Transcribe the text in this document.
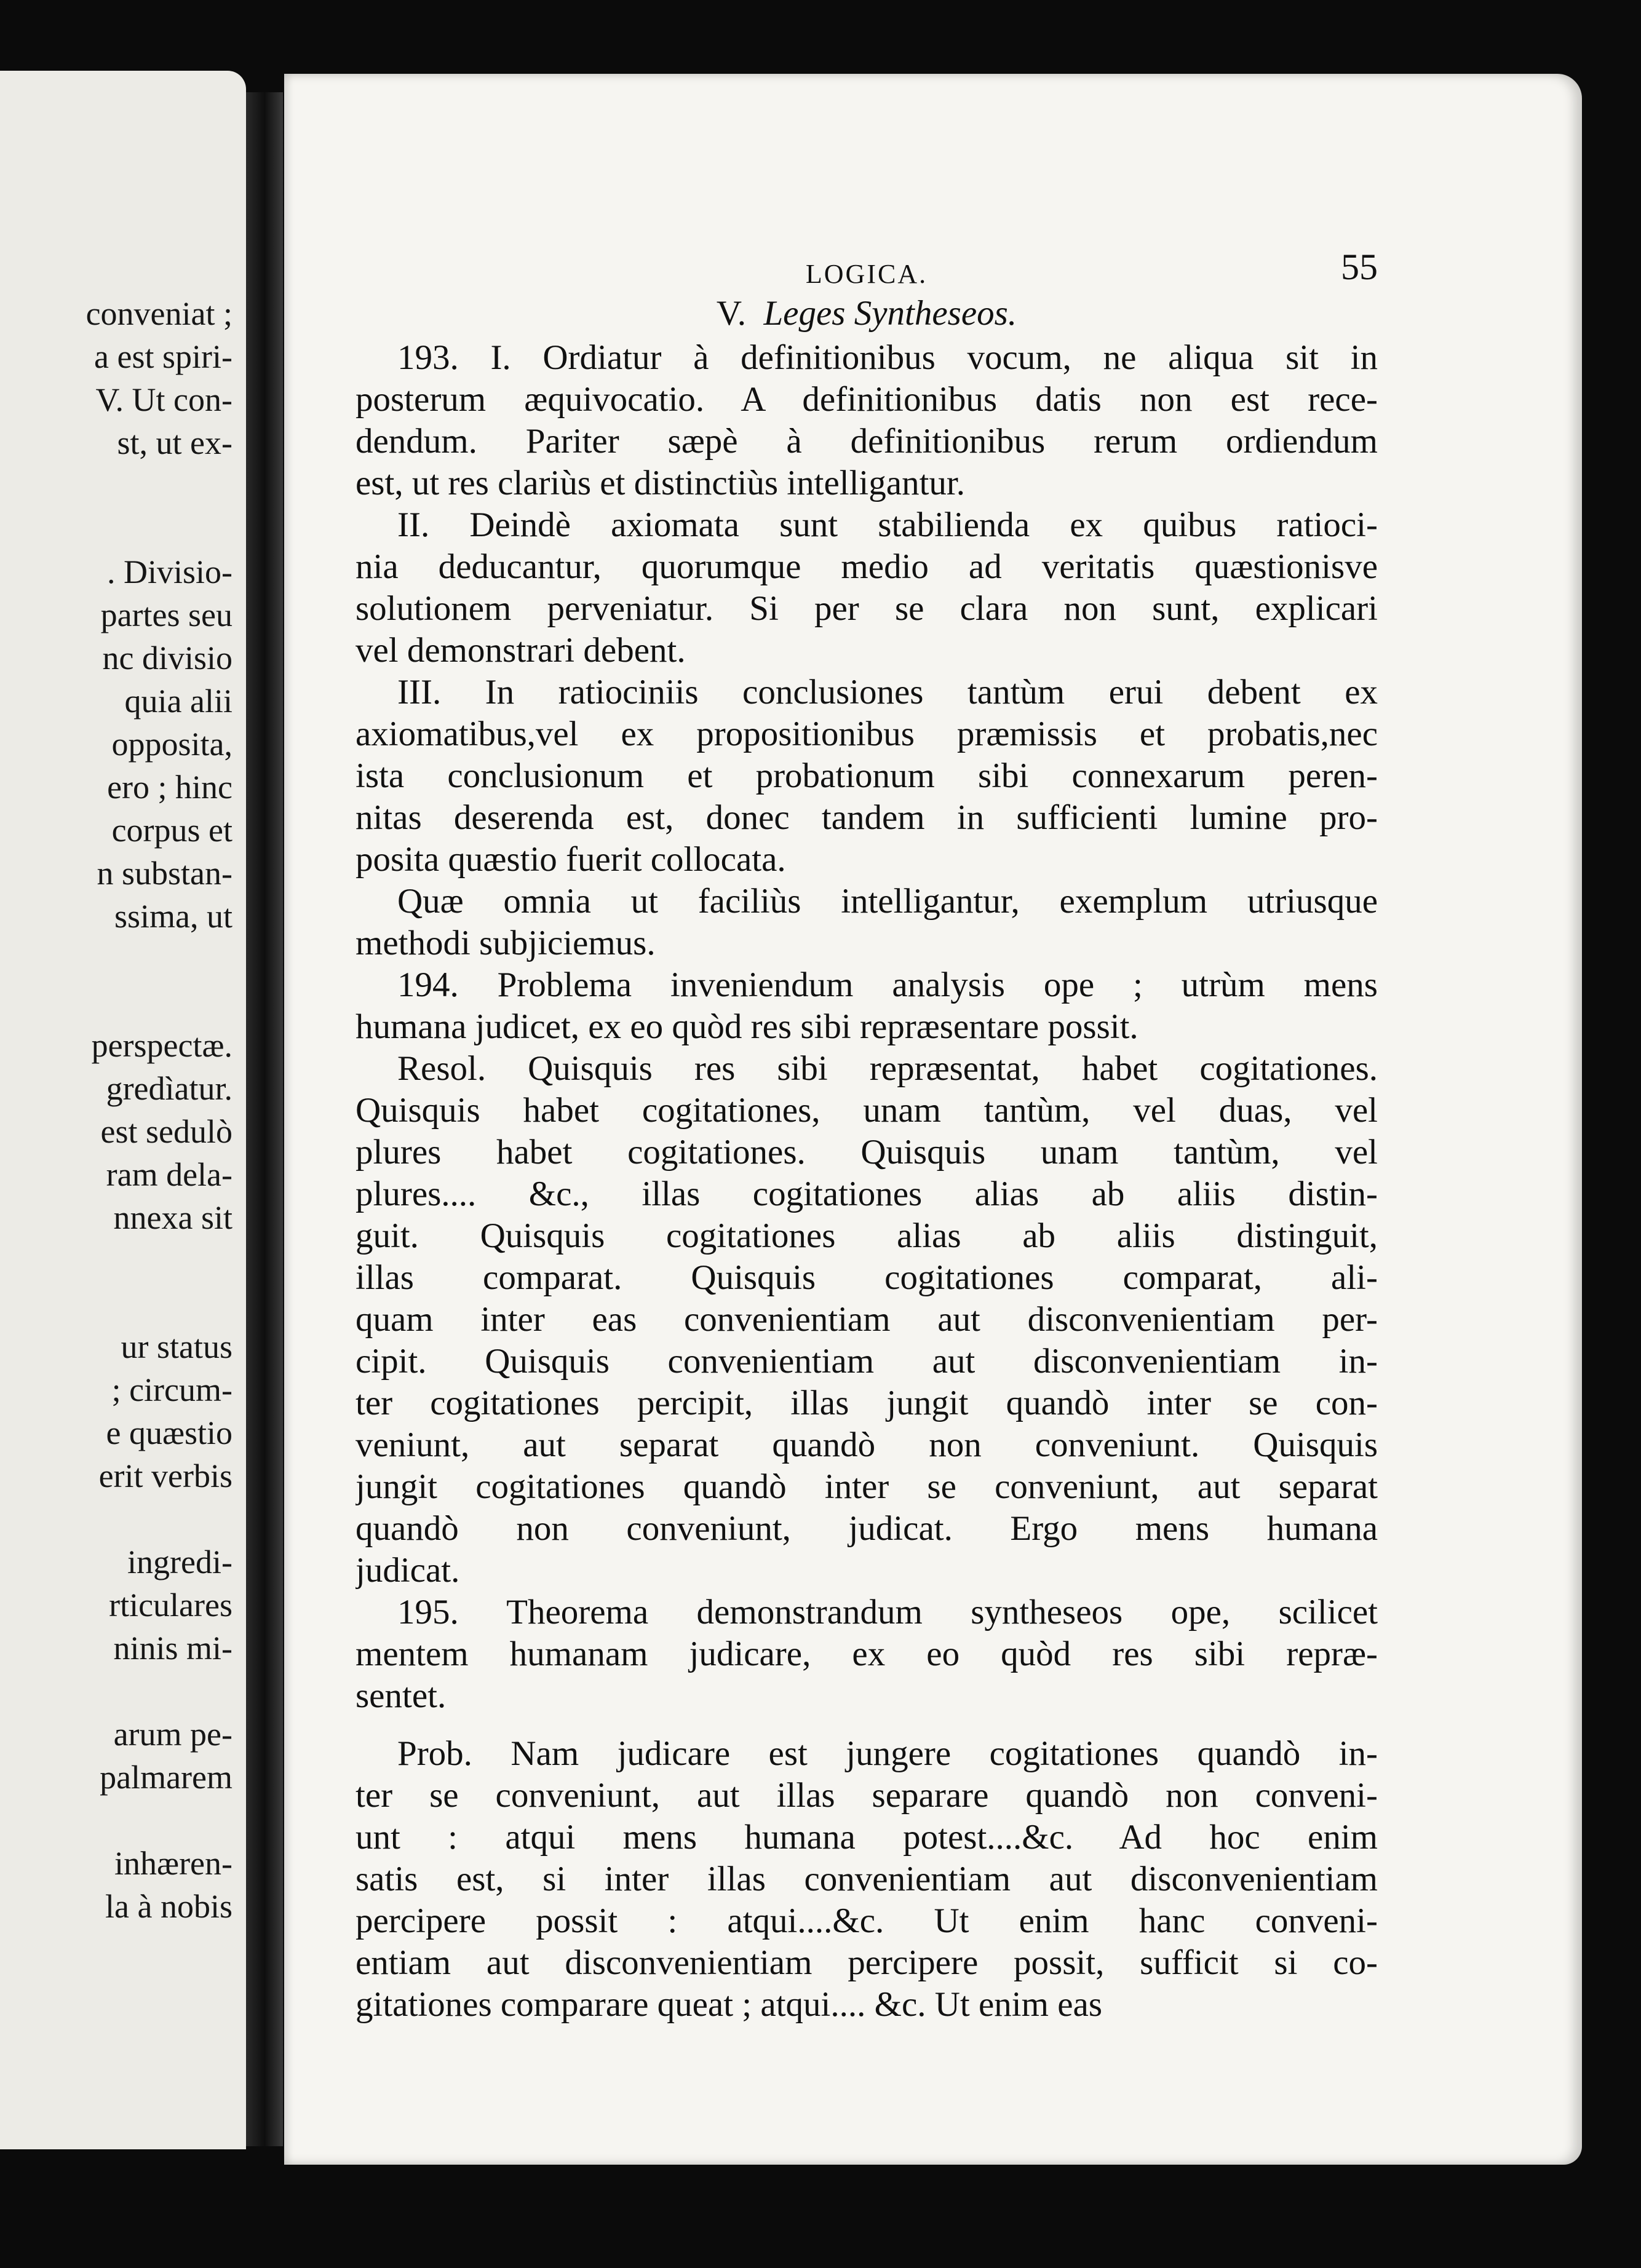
conveniat ;
a est spiri-
V. Ut con-
st, ut ex-
. Divisio-
partes seu
nc divisio
quia alii
opposita,
ero ; hinc
corpus et
n substan-
ssima, ut
perspectæ.
gredìatur.
est sedulò
ram dela-
nnexa sit
ur status
; circum-
e quæstio
erit verbis
ingredi-
rticulares
ninis mi-
arum pe-
palmarem
inhæren-
la à nobis
LOGICA.	55
V. Leges Syntheseos.
193. I. Ordiatur à definitionibus vocum, ne aliqua sit in
posterum æquivocatio. A definitionibus datis non est rece-
dendum. Pariter sæpè à definitionibus rerum ordiendum
est, ut res clariùs et distinctiùs intelligantur.
II. Deindè axiomata sunt stabilienda ex quibus ratioci-
nia deducantur, quorumque medio ad veritatis quæstionisve
solutionem perveniatur. Si per se clara non sunt, explicari
vel demonstrari debent.
III. In ratiociniis conclusiones tantùm erui debent ex
axiomatibus,vel ex propositionibus præmissis et probatis,nec
ista conclusionum et probationum sibi connexarum peren-
nitas deserenda est, donec tandem in sufficienti lumine pro-
posita quæstio fuerit collocata.
Quæ omnia ut faciliùs intelligantur, exemplum utriusque
methodi subjiciemus.
194. Problema inveniendum analysis ope ; utrùm mens
humana judicet, ex eo quòd res sibi repræsentare possit.
Resol. Quisquis res sibi repræsentat, habet cogitationes.
Quisquis habet cogitationes, unam tantùm, vel duas, vel
plures habet cogitationes. Quisquis unam tantùm, vel
plures.... &c., illas cogitationes alias ab aliis distin-
guit. Quisquis cogitationes alias ab aliis distinguit,
illas comparat. Quisquis cogitationes comparat, ali-
quam inter eas convenientiam aut disconvenientiam per-
cipit. Quisquis convenientiam aut disconvenientiam in-
ter cogitationes percipit, illas jungit quandò inter se con-
veniunt, aut separat quandò non conveniunt. Quisquis
jungit cogitationes quandò inter se conveniunt, aut separat
quandò non conveniunt, judicat. Ergo mens humana
judicat.
195. Theorema demonstrandum syntheseos ope, scilicet
mentem humanam judicare, ex eo quòd res sibi repræ-
sentet.
Prob. Nam judicare est jungere cogitationes quandò in-
ter se conveniunt, aut illas separare quandò non conveni-
unt : atqui mens humana potest....&c. Ad hoc enim
satis est, si inter illas convenientiam aut disconvenientiam
percipere possit : atqui....&c. Ut enim hanc conveni-
entiam aut disconvenientiam percipere possit, sufficit si co-
gitationes comparare queat ; atqui.... &c. Ut enim eas
